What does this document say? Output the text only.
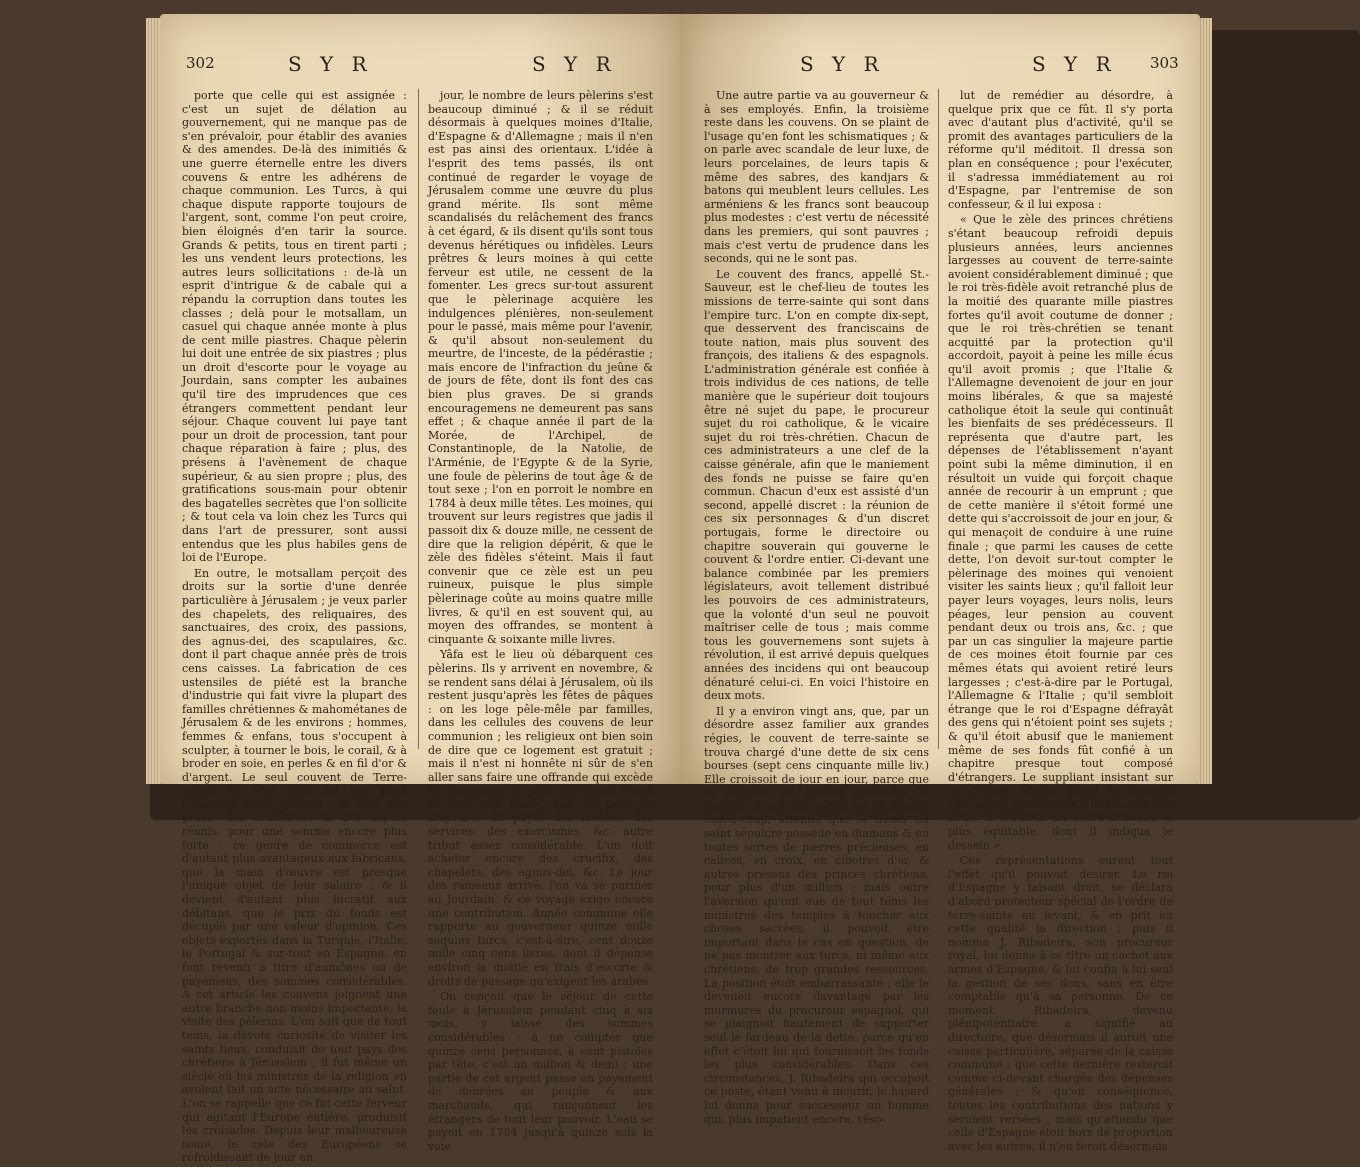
302	S Y R	S Y R

porte que celle qui est assignée : c'est un sujet de délation au gouvernement, qui ne manque pas de s'en prévaloir, pour établir des avanies & des amendes. De-là des inimitiés & une guerre éternelle entre les divers couvens & entre les adhérens de chaque communion. Les Turcs, à qui chaque dispute rapporte toujours de l'argent, sont, comme l'on peut croire, bien éloignés d'en tarir la source. Grands & petits, tous en tirent parti ; les uns vendent leurs protections, les autres leurs sollicitations : de-là un esprit d'intrigue & de cabale qui a répandu la corruption dans toutes les classes ; delà pour le motsallam, un casuel qui chaque année monte à plus de cent mille piastres. Chaque pèlerin lui doit une entrée de six piastres ; plus un droit d'escorte pour le voyage au Jourdain, sans compter les aubaines qu'il tire des imprudences que ces étrangers commettent pendant leur séjour. Chaque couvent lui paye tant pour un droit de procession, tant pour chaque réparation à faire ; plus, des présens à l'avènement de chaque supérieur, & au sien propre ; plus, des gratifications sous-main pour obtenir des bagatelles secrètes que l'on sollicite ; & tout cela va loin chez les Turcs qui dans l'art de pressurer, sont aussi entendus que les plus habiles gens de loi de l'Europe.

En outre, le motsallam perçoit des droits sur la sortie d'une denrée particulière à Jérusalem ; je veux parler des chapelets, des reliquaires, des sanctuaires, des croix, des passions, des agnus-dei, des scapulaires, &c. dont il part chaque année près de trois cens caisses. La fabrication de ces ustensiles de piété est la branche d'industrie qui fait vivre la plupart des familles chrétiennes & mahométanes de Jérusalem & de les environs ; hommes, femmes & enfans, tous s'occupent à sculpter, à tourner le bois, le corail, & à broder en soie, en perles & en fil d'or & d'argent. Le seul couvent de Terre-sainte en lève tous les ans pour cinquante mille piastres ; & ceux des grecs, des arméniens & des coptes réunis, pour une somme encore plus forte : ce genre de commerce est d'autant plus avantageux aux fabricans, que la main d'œuvre est presque l'unique objet de leur salaire ; & il devient d'autant plus lucratif aux débitans, que le prix du fonds est décuplé par une valeur d'opinion. Ces objets exportés dans la Turquie, l'Italie, le Portugal & sur-tout en Espagne, en font revenir à titre d'aumônes ou de payemens, des sommes considérables. A cet article les couvens joignent une autre branche non moins importante, la visite des pèlerins. L'on sait que de tout tems, la dévote curiosité de visiter les saints lieux, conduisit de tout pays des chrétiens à Jérusalem ; il fut même un siècle où les ministres de la religion en avoient fait un acte nécessaire au salut. L'on se rappelle que ce fut cette ferveur qui agitant l'Europe entière, produisit les croisades. Depuis leur malheureuse issue, le zèle des Européens se refroidissant de jour en

jour, le nombre de leurs pèlerins s'est beaucoup diminué ; & il se réduit désormais à quelques moines d'Italie, d'Espagne & d'Allemagne ; mais il n'en est pas ainsi des orientaux. L'idée à l'esprit des tems passés, ils ont continué de regarder le voyage de Jérusalem comme une œuvre du plus grand mérite. Ils sont même scandalisés du relâchement des francs à cet égard, & ils disent qu'ils sont tous devenus hérétiques ou infidèles. Leurs prêtres & leurs moines à qui cette ferveur est utile, ne cessent de la fomenter. Les grecs sur-tout assurent que le pèlerinage acquière les indulgences plénières, non-seulement pour le passé, mais même pour l'avenir, & qu'il absout non-seulement du meurtre, de l'inceste, de la pédérastie ; mais encore de l'infraction du jeûne & de jours de fête, dont ils font des cas bien plus graves. De si grands encouragemens ne demeurent pas sans effet ; & chaque année il part de la Morée, de l'Archipel, de Constantinople, de la Natolie, de l'Arménie, de l'Egypte & de la Syrie, une foule de pèlerins de tout âge & de tout sexe ; l'on en porroit le nombre en 1784 à deux mille têtes. Les moines, qui trouvent sur leurs registres que jadis il passoit dix & douze mille, ne cessent de dire que la religion dépérit, & que le zèle des fidèles s'éteint. Mais il faut convenir que ce zèle est un peu ruineux, puisque le plus simple pèlerinage coûte au moins quatre mille livres, & qu'il en est souvent qui, au moyen des offrandes, se montent à cinquante & soixante mille livres.

Yâfa est le lieu où débarquent ces pèlerins. Ils y arrivent en novembre, & se rendent sans délai à Jérusalem, où ils restent jusqu'après les fêtes de pâques : on les loge pêle-mêle par familles, dans les cellules des couvens de leur communion ; les religieux ont bien soin de dire que ce logement est gratuit ; mais il n'est ni honnête ni sûr de s'en aller sans faire une offrande qui excède de beaucoup le prix marchand d'une location. En outre, l'on ne peut se dispenser de payer des messes, des services, des exorcismes, &c. autre tribut assez considérable. L'on doit acheter encore des crucifix, des chapelets, des agnus-dei, &c. Le jour des rameaux arrivé, l'on va se purifier au Jourdain, & ce voyage exige encore une contribution. Année commune elle rapporte au gouverneur quinze mille sequins turcs, c'est-à-dire, cent douze mille cinq cens livres, dont il dépense environ la moitié en frais d'escorte & droits de passage qu'exigent les arabes.

On conçoit que le séjour de cette foule à Jérusalem pendant cinq à six mois, y laisse des sommes considérables : à ne compter que quinze cens personnes, à cent pistoles par tête, c'est un million & demi : une partie de cet argent passe en payement de denrées au peuple & aux marchands, qui rançonnent les étrangers de tout leur pouvoir. L'eau se payoit en 1784 jusqu'à quinze sols la voie.

S Y R	S Y R 303

Une autre partie va au gouverneur & à ses employés. Enfin, la troisième reste dans les couvens. On se plaint de l'usage qu'en font les schismatiques ; & on parle avec scandale de leur luxe, de leurs porcelaines, de leurs tapis & même des sabres, des kandjars & batons qui meublent leurs cellules. Les arméniens & les francs sont beaucoup plus modestes : c'est vertu de nécessité dans les premiers, qui sont pauvres ; mais c'est vertu de prudence dans les seconds, qui ne le sont pas.

Le couvent des francs, appellé St.-Sauveur, est le chef-lieu de toutes les missions de terre-sainte qui sont dans l'empire turc. L'on en compte dix-sept, que desservent des franciscains de toute nation, mais plus souvent des françois, des italiens & des espagnols. L'administration générale est confiée à trois individus de ces nations, de telle manière que le supérieur doit toujours être né sujet du pape, le procureur sujet du roi catholique, & le vicaire sujet du roi très-chrétien. Chacun de ces administrateurs a une clef de la caisse générale, afin que le maniement des fonds ne puisse se faire qu'en commun. Chacun d'eux est assisté d'un second, appellé discret : la réunion de ces six personnages & d'un discret portugais, forme le directoire ou chapitre souverain qui gouverne le couvent & l'ordre entier. Ci-devant une balance combinée par les premiers législateurs, avoit tellement distribué les pouvoirs de ces administrateurs, que la volonté d'un seul ne pouvoit maîtriser celle de tous ; mais comme tous les gouvernemens sont sujets à révolution, il est arrivé depuis quelques années des incidens qui ont beaucoup dénaturé celui-ci. En voici l'histoire en deux mots.

Il y a environ vingt ans, que, par un désordre assez familier aux grandes régies, le couvent de terre-sainte se trouva chargé d'une dette de six cens bourses (sept cens cinquante mille liv.) Elle croissoit de jour en jour, parce que la dépense ne cessoit d'excéder la recette. Il eut été facile de se libérer tout-à-coup, attendu que le trésor du saint sépulcre possède en diamans & en toutes sortes de pierres précieuses, en calices, en croix, en ciboires d'or, & autres présens des princes chrétiens, pour plus d'un million ; mais outre l'aversion qu'ont eue de tout tems les ministres des temples à toucher aux choses sacrées, il pouvoit être important dans le cas en question, de ne pas montrer aux turcs, ni même aux chrétiens, de trop grandes ressources. La position étoit embarrassante ; elle le devenoit encore davantage par les murmures du procureur espagnol, qui se plaignoit hautement de supporter seul le fardeau de la dette, parce qu'en effet c'étoit lui qui fournissoit les fonds les plus considérables. Dans ces circonstances, J. Ribadeira qui occupoit ce poste, étant venu à mourir, le hasard lui donna pour successeur un homme qui, plus impatient encore, réso-

lut de remédier au désordre, à quelque prix que ce fût. Il s'y porta avec d'autant plus d'activité, qu'il se promit des avantages particuliers de la réforme qu'il méditoit. Il dressa son plan en conséquence ; pour l'exécuter, il s'adressa immédiatement au roi d'Espagne, par l'entremise de son confesseur, & il lui exposa :

« Que le zèle des princes chrétiens s'étant beaucoup refroidi depuis plusieurs années, leurs anciennes largesses au couvent de terre-sainte avoient considérablement diminué ; que le roi très-fidèle avoit retranché plus de la moitié des quarante mille piastres fortes qu'il avoit coutume de donner ; que le roi très-chrétien se tenant acquitté par la protection qu'il accordoit, payoit à peine les mille écus qu'il avoit promis ; que l'Italie & l'Allemagne devenoient de jour en jour moins libérales, & que sa majesté catholique étoit la seule qui continuât les bienfaits de ses prédécesseurs. Il représenta que d'autre part, les dépenses de l'établissement n'ayant point subi la même diminution, il en résultoit un vuide qui forçoit chaque année de recourir à un emprunt ; que de cette manière il s'étoit formé une dette qui s'accroissoit de jour en jour, & qui menaçoit de conduire à une ruine finale ; que parmi les causes de cette dette, l'on devoit sur-tout compter le pèlerinage des moines qui venoient visiter les saints lieux ; qu'il falloit leur payer leurs voyages, leurs nolis, leurs péages, leur pension au couvent pendant deux ou trois ans, &c. ; que par un cas singulier la majeure partie de ces moines étoit fournie par ces mêmes états qui avoient retiré leurs largesses ; c'est-à-dire par le Portugal, l'Allemagne & l'Italie ; qu'il sembloit étrange que le roi d'Espagne défrayât des gens qui n'étoient point ses sujets ; & qu'il étoit abusif que le maniement même de ses fonds fût confié à un chapitre presque tout composé d'étrangers. Le suppliant insistant sur ce dernier article, prioit sa majesté catholique d'intervenir à la réforme des abus, & d'établir un ordre nouveau & plus équitable, dont il indiqua le dessein ».

Ces représentations eurent tout l'effet qu'il pouvoit desirer. Le roi d'Espagne y faisant droit, se déclara d'abord protecteur spécial de l'ordre de terre-sainte au levant, & en prit en cette qualité la direction ; puis il nomma J. Ribadeira, son procureur royal, lui donna à ce titre un cachet aux armes d'Espagne, & lui confia à lui seul la gestion de ses dons, sans en être comptable qu'à sa personne. De ce moment Ribadeira, devenu plénipotentiaire, a signifié au directoire, que désormais il auroit une caisse particulière, séparée de la caisse commune ; que cette dernière resteroit comme ci-devant chargée des dépenses générales ; & qu'en conséquence, toutes les contributions des nations y seroient versées ; mais qu'attendu que celle d'Espagne étoit hors de proportion avec les autres, il n'en feroit désormais
